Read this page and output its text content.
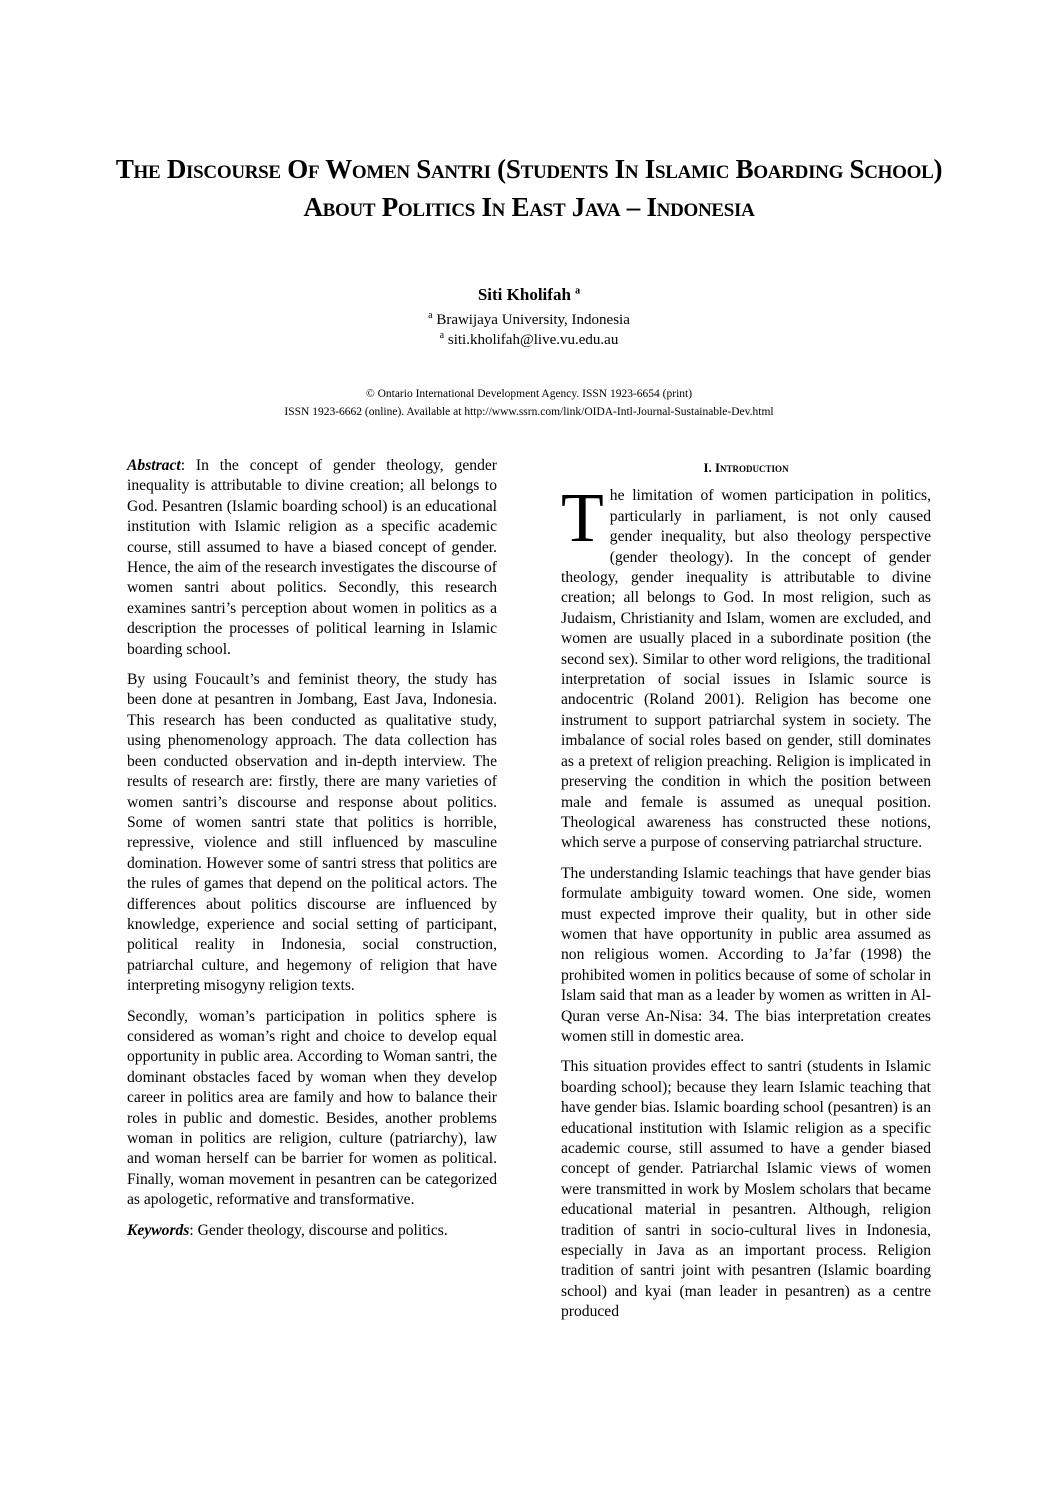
The Discourse Of Women Santri (Students In Islamic Boarding School) About Politics In East Java – Indonesia
Siti Kholifah $^a$
$^a$ Brawijaya University, Indonesia
$^a$ siti.kholifah@live.vu.edu.au
© Ontario International Development Agency. ISSN 1923-6654 (print)
ISSN 1923-6662 (online). Available at http://www.ssrn.com/link/OIDA-Intl-Journal-Sustainable-Dev.html

Abstract: In the concept of gender theology, gender inequality is attributable to divine creation; all belongs to God. Pesantren (Islamic boarding school) is an educational institution with Islamic religion as a specific academic course, still assumed to have a biased concept of gender. Hence, the aim of the research investigates the discourse of women santri about politics. Secondly, this research examines santri’s perception about women in politics as a description the processes of political learning in Islamic boarding school.

By using Foucault’s and feminist theory, the study has been done at pesantren in Jombang, East Java, Indonesia. This research has been conducted as qualitative study, using phenomenology approach. The data collection has been conducted observation and in-depth interview. The results of research are: firstly, there are many varieties of women santri’s discourse and response about politics. Some of women santri state that politics is horrible, repressive, violence and still influenced by masculine domination. However some of santri stress that politics are the rules of games that depend on the political actors. The differences about politics discourse are influenced by knowledge, experience and social setting of participant, political reality in Indonesia, social construction, patriarchal culture, and hegemony of religion that have interpreting misogyny religion texts.

Secondly, woman’s participation in politics sphere is considered as woman’s right and choice to develop equal opportunity in public area. According to Woman santri, the dominant obstacles faced by woman when they develop career in politics area are family and how to balance their roles in public and domestic. Besides, another problems woman in politics are religion, culture (patriarchy), law and woman herself can be barrier for women as political. Finally, woman movement in pesantren can be categorized as apologetic, reformative and transformative.

Keywords: Gender theology, discourse and politics.

I. Introduction

The limitation of women participation in politics, particularly in parliament, is not only caused gender inequality, but also theology perspective (gender theology). In the concept of gender theology, gender inequality is attributable to divine creation; all belongs to God. In most religion, such as Judaism, Christianity and Islam, women are excluded, and women are usually placed in a subordinate position (the second sex). Similar to other word religions, the traditional interpretation of social issues in Islamic source is andocentric (Roland 2001). Religion has become one instrument to support patriarchal system in society. The imbalance of social roles based on gender, still dominates as a pretext of religion preaching. Religion is implicated in preserving the condition in which the position between male and female is assumed as unequal position. Theological awareness has constructed these notions, which serve a purpose of conserving patriarchal structure.

The understanding Islamic teachings that have gender bias formulate ambiguity toward women. One side, women must expected improve their quality, but in other side women that have opportunity in public area assumed as non religious women. According to Ja’far (1998) the prohibited women in politics because of some of scholar in Islam said that man as a leader by women as written in Al-Quran verse An-Nisa: 34. The bias interpretation creates women still in domestic area.

This situation provides effect to santri (students in Islamic boarding school); because they learn Islamic teaching that have gender bias. Islamic boarding school (pesantren) is an educational institution with Islamic religion as a specific academic course, still assumed to have a gender biased concept of gender. Patriarchal Islamic views of women were transmitted in work by Moslem scholars that became educational material in pesantren. Although, religion tradition of santri in socio-cultural lives in Indonesia, especially in Java as an important process. Religion tradition of santri joint with pesantren (Islamic boarding school) and kyai (man leader in pesantren) as a centre produced
